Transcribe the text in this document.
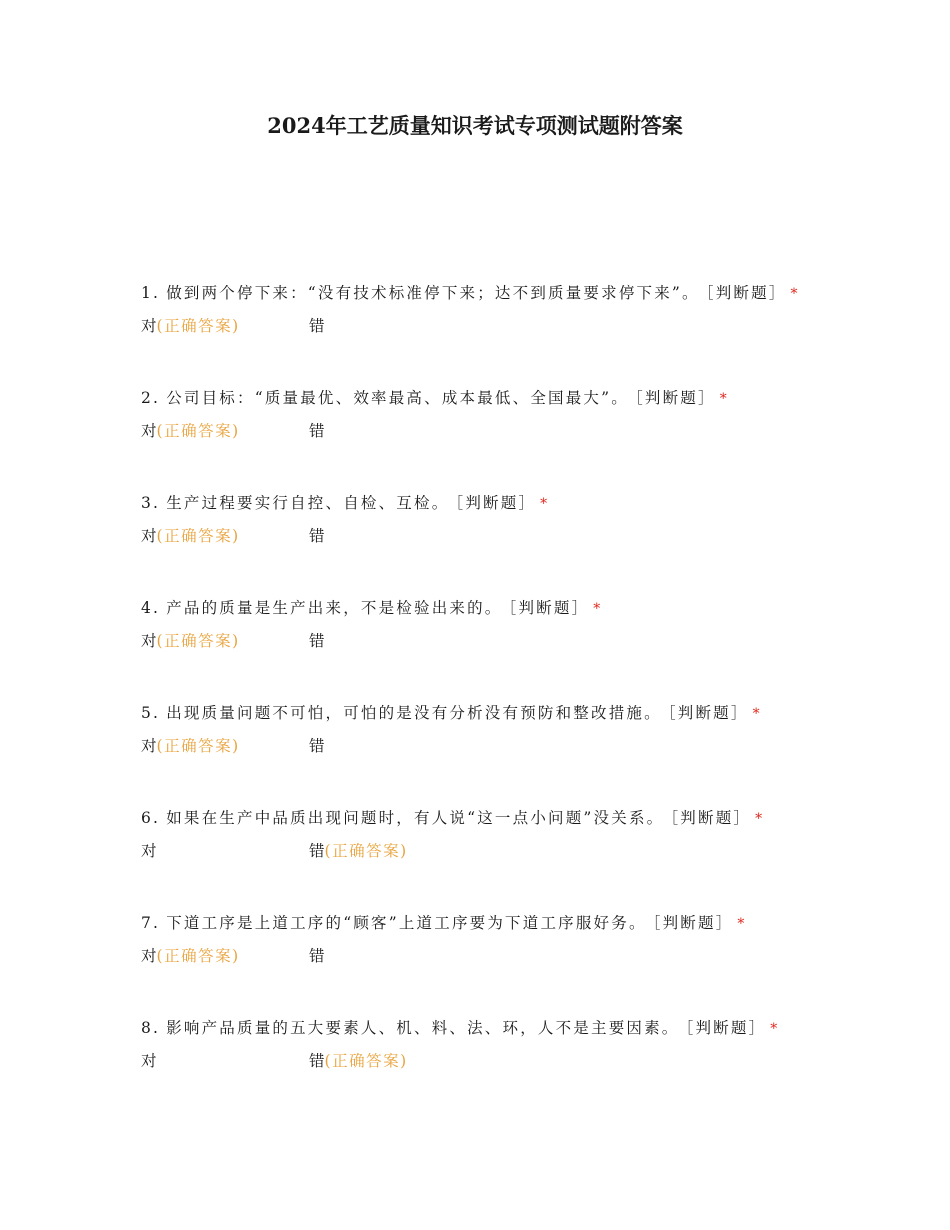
2024年工艺质量知识考试专项测试题附答案

1. 做到两个停下来：“没有技术标准停下来；达不到质量要求停下来”。 ［判断题］ *

对(正确答案)	错

2. 公司目标：“质量最优、效率最高、成本最低、全国最大”。 ［判断题］ *

对(正确答案)	错

3. 生产过程要实行自控、自检、互检。 ［判断题］ *

对(正确答案)	错

4. 产品的质量是生产出来，不是检验出来的。 ［判断题］ *

对(正确答案)	错

5. 出现质量问题不可怕，可怕的是没有分析没有预防和整改措施。 ［判断题］ *

对(正确答案)	错

6. 如果在生产中品质出现问题时，有人说“这一点小问题”没关系。 ［判断题］ *

对	错(正确答案)

7. 下道工序是上道工序的“顾客”上道工序要为下道工序服好务。 ［判断题］ *

对(正确答案)	错

8. 影响产品质量的五大要素人、机、料、法、环，人不是主要因素。 ［判断题］ *

对	错(正确答案)
